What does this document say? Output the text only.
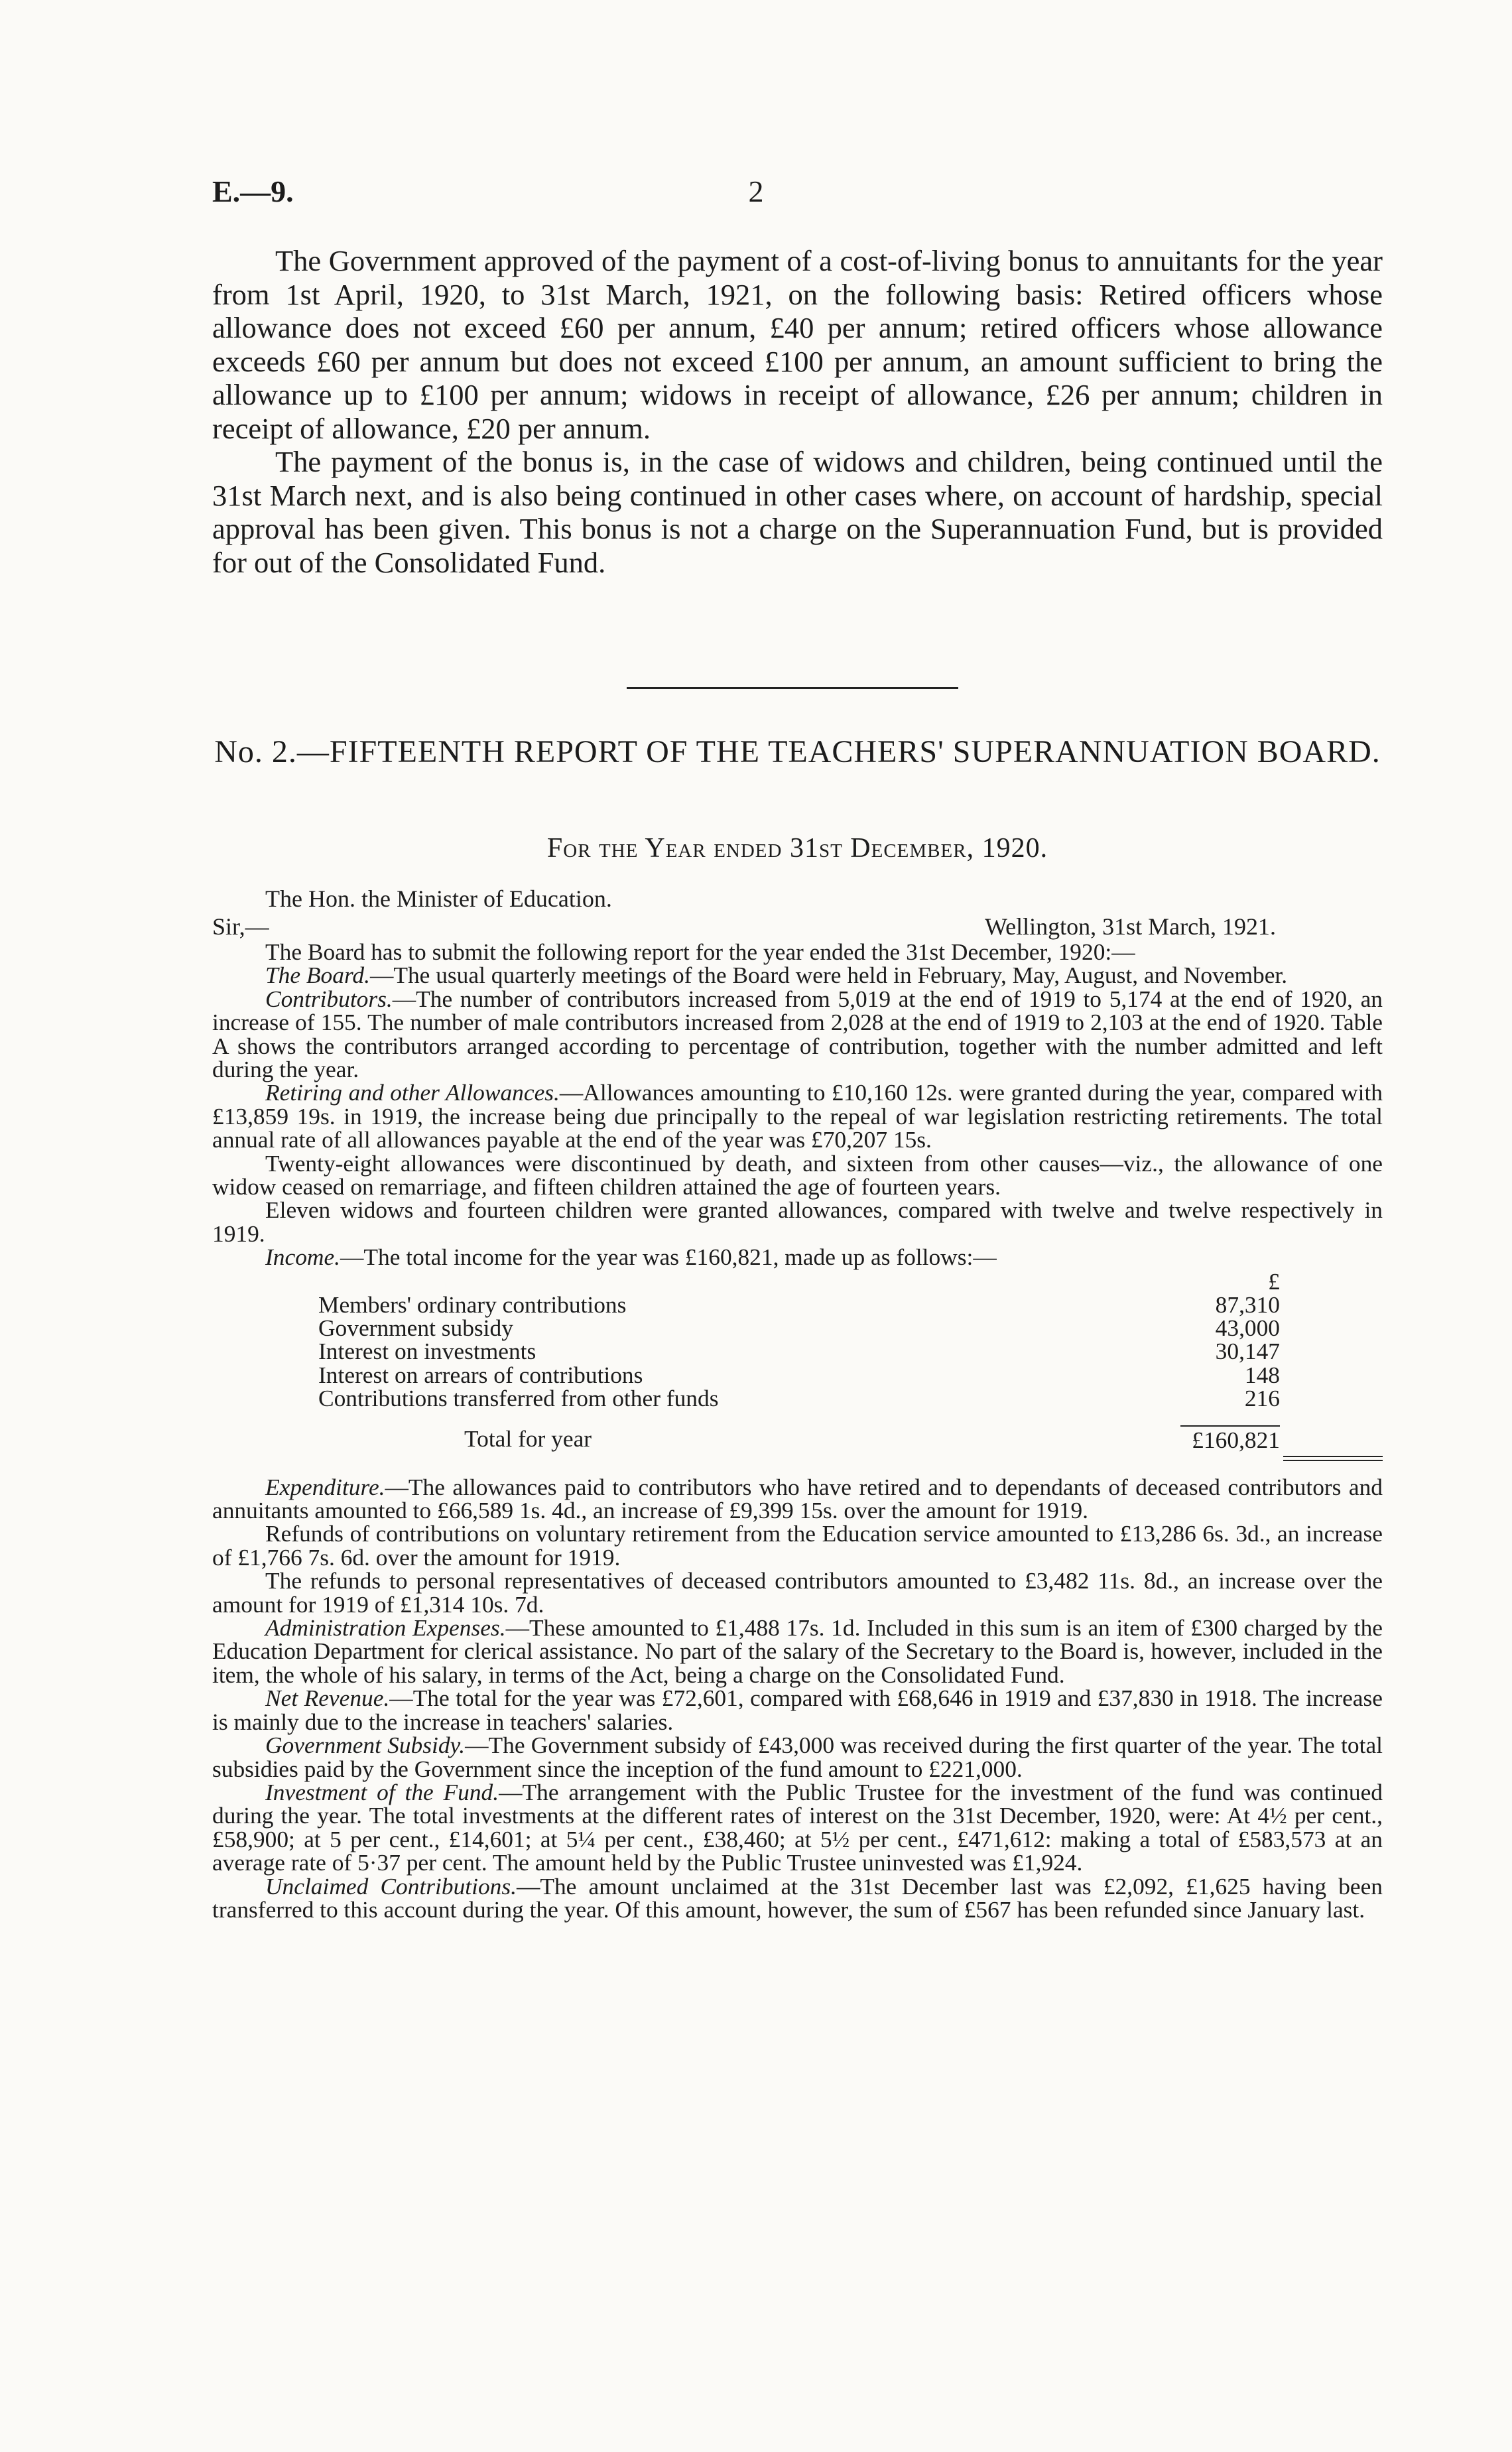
E.—9.	2

The Government approved of the payment of a cost-of-living bonus to annuitants for the year from 1st April, 1920, to 31st March, 1921, on the following basis: Retired officers whose allowance does not exceed £60 per annum, £40 per annum; retired officers whose allowance exceeds £60 per annum but does not exceed £100 per annum, an amount sufficient to bring the allowance up to £100 per annum; widows in receipt of allowance, £26 per annum; children in receipt of allowance, £20 per annum.

The payment of the bonus is, in the case of widows and children, being continued until the 31st March next, and is also being continued in other cases where, on account of hardship, special approval has been given. This bonus is not a charge on the Superannuation Fund, but is provided for out of the Consolidated Fund.

No. 2.—FIFTEENTH REPORT OF THE TEACHERS' SUPERANNUATION BOARD.
For the Year ended 31st December, 1920.
The Hon. the Minister of Education.
Sir,—	Wellington, 31st March, 1921.

The Board has to submit the following report for the year ended the 31st December, 1920:—

The Board.—The usual quarterly meetings of the Board were held in February, May, August, and November.

Contributors.—The number of contributors increased from 5,019 at the end of 1919 to 5,174 at the end of 1920, an increase of 155. The number of male contributors increased from 2,028 at the end of 1919 to 2,103 at the end of 1920. Table A shows the contributors arranged according to percentage of contribution, together with the number admitted and left during the year.

Retiring and other Allowances.—Allowances amounting to £10,160 12s. were granted during the year, compared with £13,859 19s. in 1919, the increase being due principally to the repeal of war legislation restricting retirements. The total annual rate of all allowances payable at the end of the year was £70,207 15s.

Twenty-eight allowances were discontinued by death, and sixteen from other causes—viz., the allowance of one widow ceased on remarriage, and fifteen children attained the age of fourteen years.

Eleven widows and fourteen children were granted allowances, compared with twelve and twelve respectively in 1919.

Income.—The total income for the year was £160,821, made up as follows:—

£
Members' ordinary contributions	87,310
Government subsidy	43,000
Interest on investments	30,147
Interest on arrears of contributions	148
Contributions transferred from other funds	216
Total for year	£160,821

Expenditure.—The allowances paid to contributors who have retired and to dependants of deceased contributors and annuitants amounted to £66,589 1s. 4d., an increase of £9,399 15s. over the amount for 1919.

Refunds of contributions on voluntary retirement from the Education service amounted to £13,286 6s. 3d., an increase of £1,766 7s. 6d. over the amount for 1919.

The refunds to personal representatives of deceased contributors amounted to £3,482 11s. 8d., an increase over the amount for 1919 of £1,314 10s. 7d.

Administration Expenses.—These amounted to £1,488 17s. 1d. Included in this sum is an item of £300 charged by the Education Department for clerical assistance. No part of the salary of the Secretary to the Board is, however, included in the item, the whole of his salary, in terms of the Act, being a charge on the Consolidated Fund.

Net Revenue.—The total for the year was £72,601, compared with £68,646 in 1919 and £37,830 in 1918. The increase is mainly due to the increase in teachers' salaries.

Government Subsidy.—The Government subsidy of £43,000 was received during the first quarter of the year. The total subsidies paid by the Government since the inception of the fund amount to £221,000.

Investment of the Fund.—The arrangement with the Public Trustee for the investment of the fund was continued during the year. The total investments at the different rates of interest on the 31st December, 1920, were: At 4½ per cent., £58,900; at 5 per cent., £14,601; at 5¼ per cent., £38,460; at 5½ per cent., £471,612: making a total of £583,573 at an average rate of 5·37 per cent. The amount held by the Public Trustee uninvested was £1,924.

Unclaimed Contributions.—The amount unclaimed at the 31st December last was £2,092, £1,625 having been transferred to this account during the year. Of this amount, however, the sum of £567 has been refunded since January last.
